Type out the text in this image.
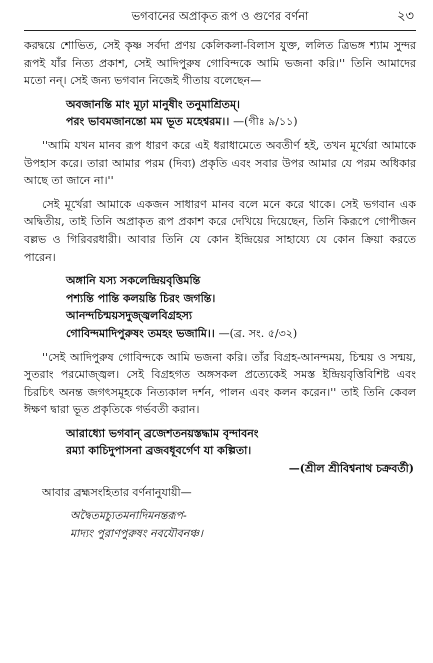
ভগবানের অপ্রাকৃত রূপ ও গুণের বর্ণনা	২৩

করদ্বয়ে শোভিত, সেই কৃষ্ণ সর্বদা প্রণয় কেলিকলা-বিলাস যুক্ত, ললিত ত্রিভঙ্গ শ্যাম সুন্দর রূপই যাঁর নিত্য প্রকাশ, সেই আদিপুরুষ গোবিন্দকে আমি ভজনা করি।'' তিনি আমাদের মতো নন্। সেই জন্য ভগবান নিজেই গীতায় বলেছেন—

অবজানন্তি মাং মূঢ়া মানুষীং তনুমাশ্রিতম্।
পরং ভাবমজানন্তো মম ভূত মহেশ্বরম।। —(গীঃ ৯/১১)

''আমি যখন মানব রূপ ধারণ করে এই ধরাধামেতে অবতীর্ণ হই, তখন মূর্খেরা আমাকে উপহাস করে। তারা আমার পরম (দিব্য) প্রকৃতি এবং সবার উপর আমার যে পরম অধিকার আছে তা জানে না।''

সেই মূর্খেরা আমাকে একজন সাধারণ মানব বলে মনে করে থাকে। সেই ভগবান এক অদ্বিতীয়, তাই তিনি অপ্রাকৃত রূপ প্রকাশ করে দেখিয়ে দিয়েছেন, তিনি কিরূপে গোপীজন বল্লভ ও গিরিবরধারী। আবার তিনি যে কোন ইন্দ্রিয়ের সাহায্যে যে কোন ক্রিয়া করতে পারেন।

অঙ্গানি যস্য সকলেন্দ্রিয়বৃত্তিমন্তি
পশ্যন্তি পান্তি কলয়ন্তি চিরং জগন্তি।
আনন্দচিন্ময়সদুজ্জ্বলবিগ্রহস্য
গোবিন্দমাদিপুরুষং তমহং ভজামি।। —(ব্র. সং. ৫/৩২)

''সেই আদিপুরুষ গোবিন্দকে আমি ভজনা করি। তাঁর বিগ্রহ-আনন্দময়, চিন্ময় ও সন্ময়, সুতরাং পরমোজ্জ্বল। সেই বিগ্রহগত অঙ্গসকল প্রত্যেকেই সমস্ত ইন্দ্রিয়বৃত্তিবিশিষ্ট এবং চিরচিৎ অনন্ত জগৎসমূহকে নিত্যকাল দর্শন, পালন এবং কলন করেন।'' তাই তিনি কেবল ঈক্ষণ দ্বারা ভূত প্রকৃতিকে গর্ভবতী করান।

আরাধ্যো ভগবান্ ব্রজেশতনয়স্তদ্ধাম বৃন্দাবনং
রম্যা কাচিদুপাসনা ব্রজবধূবর্গেণ যা কল্পিতা।
—(শ্রীল শ্রীবিশ্বনাথ চক্রবর্তী)

আবার ব্রহ্মসংহিতার বর্ণনানুযায়ী—

অদ্বৈতমচ্যুতমনাদিমনন্তরূপ-
মাদ্যং পুরাণপুরুষং নবযৌবনঞ্চ।
